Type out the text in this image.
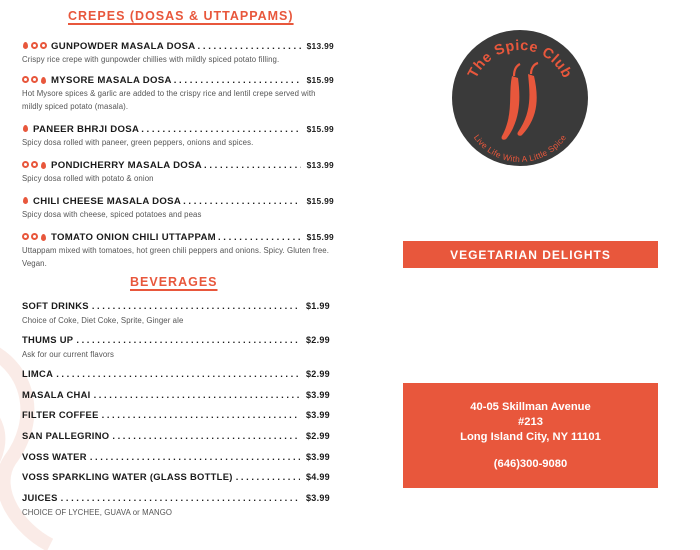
CREPES (DOSAS & UTTAPPAMS)
GUNPOWDER MASALA DOSA . . .	$13.99
Crispy rice crepe with gunpowder chillies with mildly spiced potato filling.
MYSORE MASALA DOSA . . .	$15.99
Hot Mysore spices & garlic are added to the crispy rice and lentil crepe served with mildly spiced potato (masala).
PANEER BHRJI DOSA . . .	$15.99
Spicy dosa rolled with paneer, green peppers, onions and spices.
PONDICHERRY MASALA DOSA . . .	$13.99
Spicy dosa rolled with potato & onion
CHILI CHEESE MASALA DOSA . . .	$15.99
Spicy dosa with cheese, spiced potatoes and peas
TOMATO ONION CHILI UTTAPPAM . . .	$15.99
Uttappam mixed with tomatoes, hot green chili peppers and onions. Spicy. Gluten free. Vegan.
BEVERAGES
SOFT DRINKS . . .	$1.99
Choice of Coke, Diet Coke, Sprite, Ginger ale
THUMS UP . . .	$2.99
Ask for our current flavors
LIMCA . . .	$2.99
MASALA CHAI . . .	$3.99
FILTER COFFEE . . .	$3.99
SAN PALLEGRINO . . .	$2.99
VOSS WATER . . .	$3.99
VOSS SPARKLING WATER (GLASS BOTTLE) . . .	$4.99
JUICES . . .	$3.99
CHOICE OF LYCHEE, GUAVA or MANGO
The Spice Club
Live Life With A Little Spice
VEGETARIAN DELIGHTS
40-05 Skillman Avenue
#213
Long Island City, NY 11101
(646)300-9080
